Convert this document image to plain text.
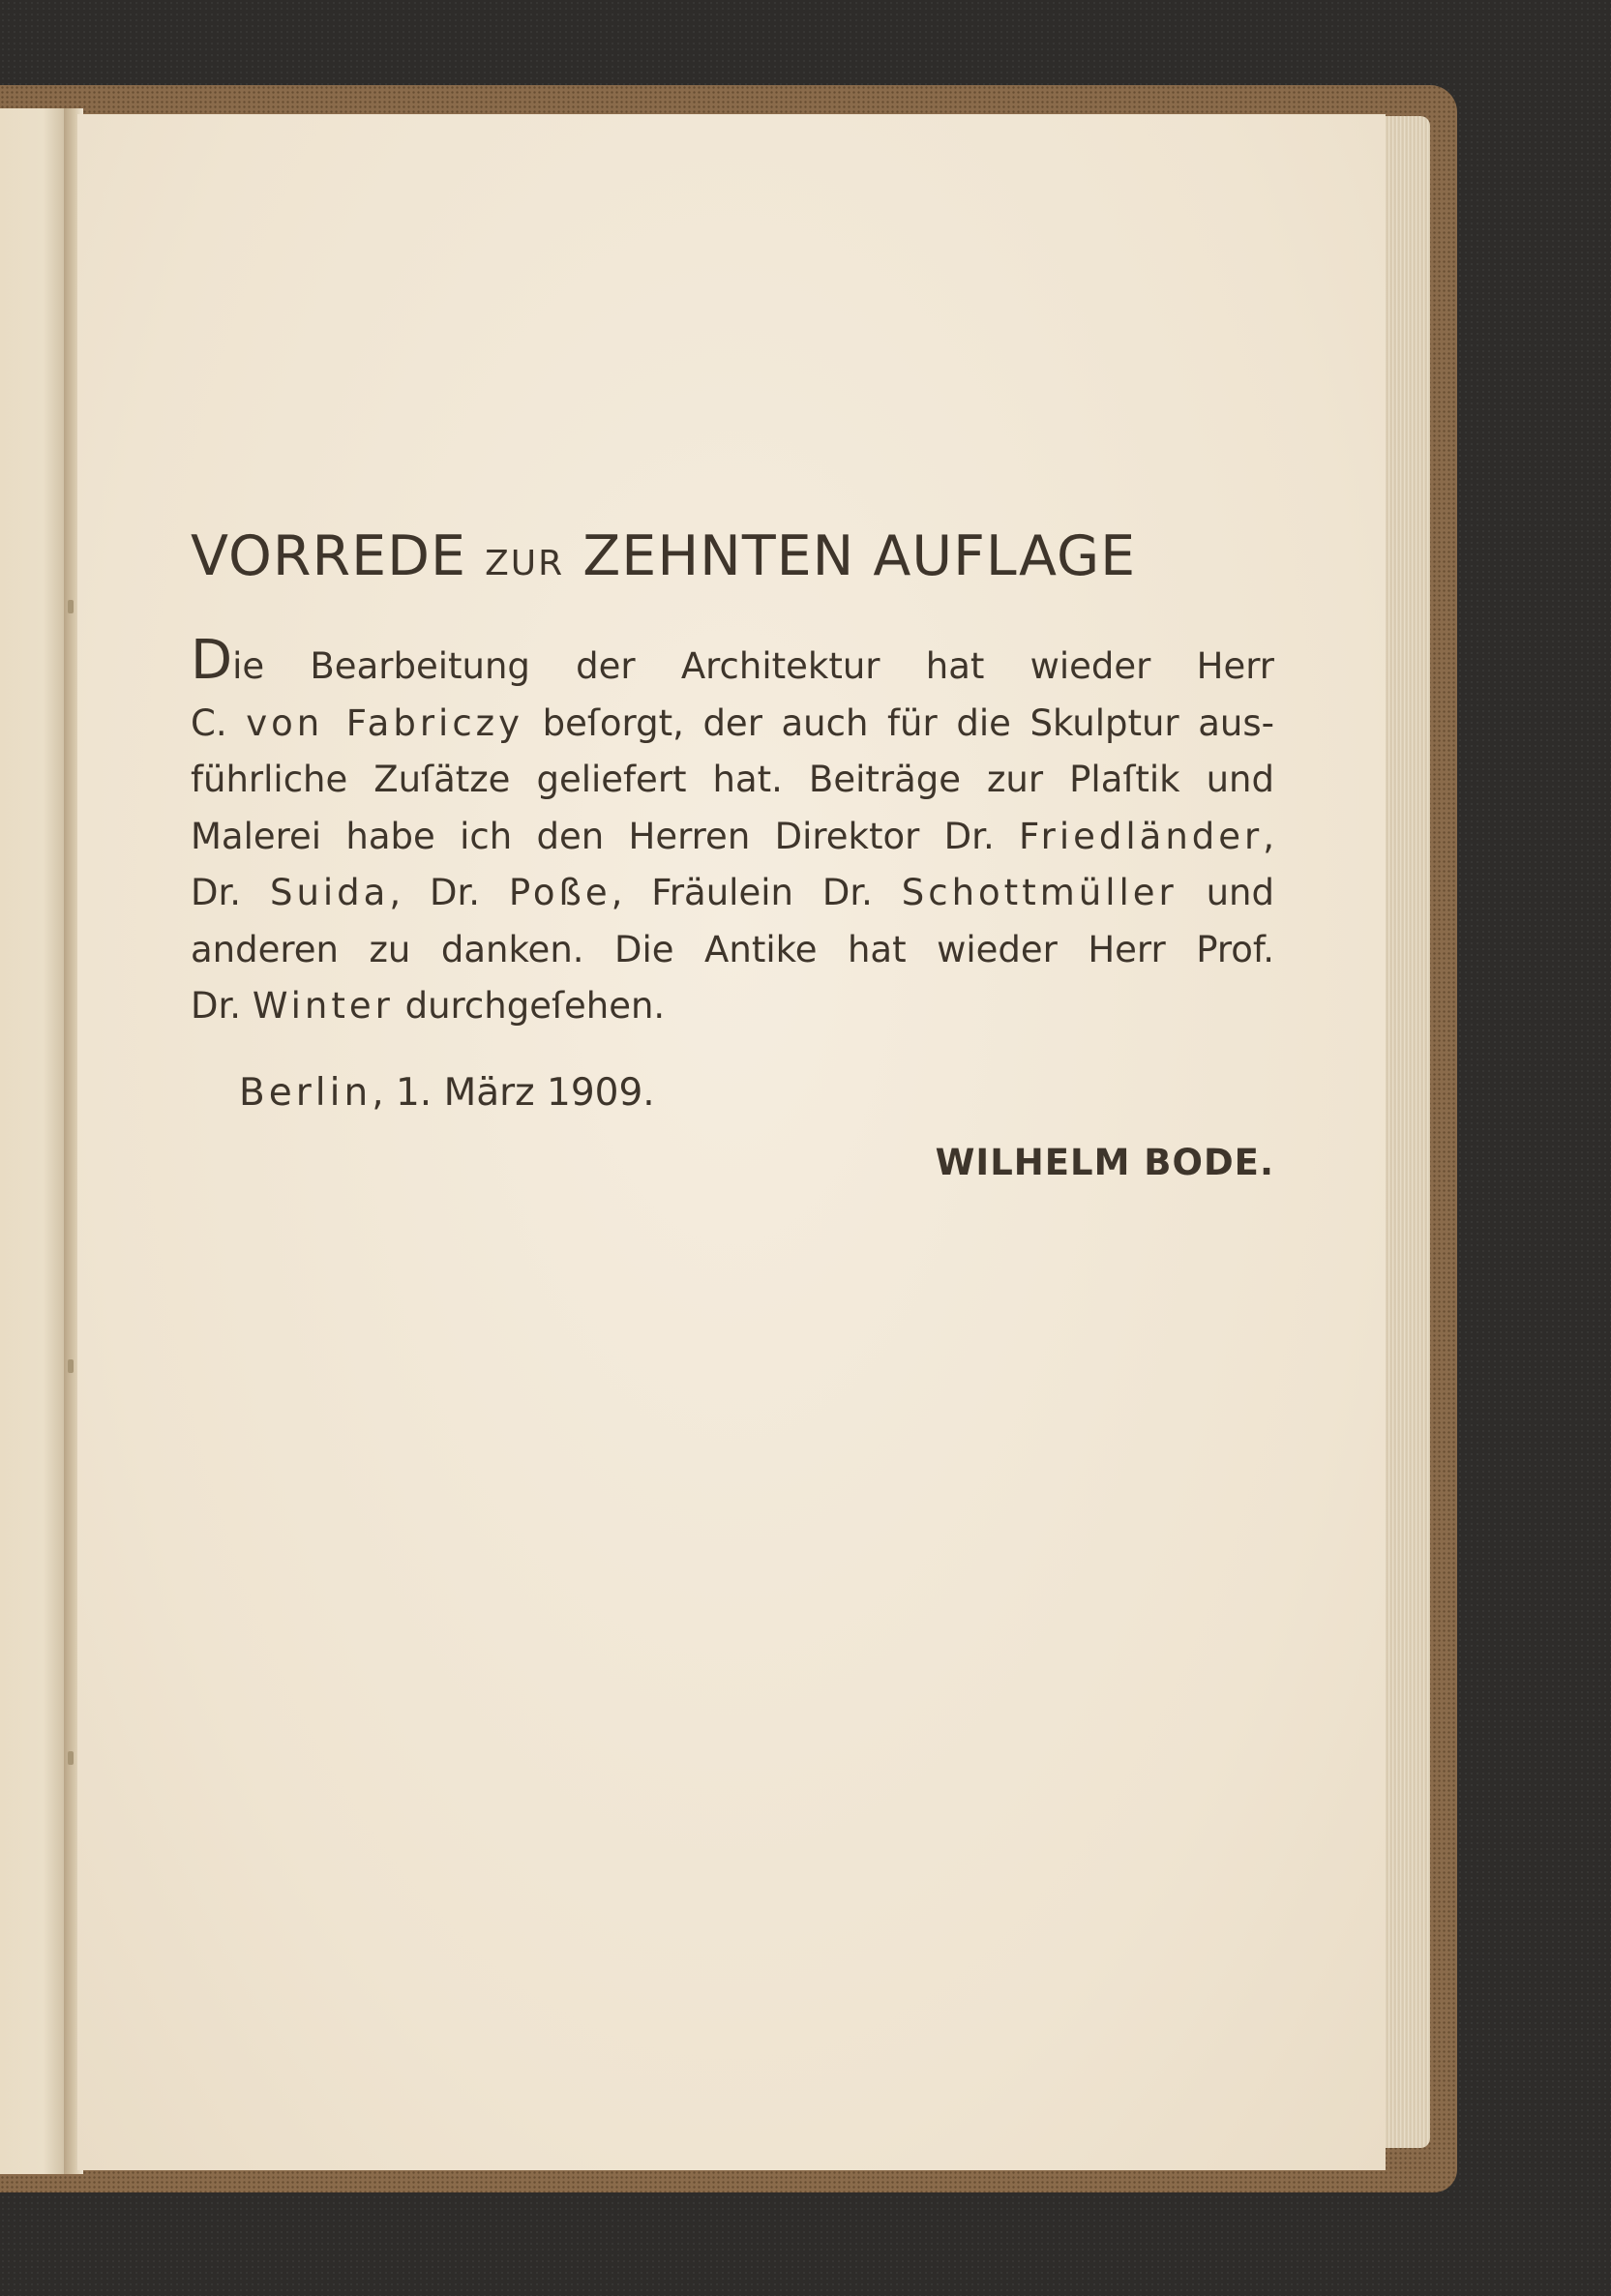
VORREDE ZUR ZEHNTEN AUFLAGE

Die Bearbeitung der Architektur hat wieder Herr
C. von Fabriczy beſorgt, der auch für die Skulptur aus-
führliche Zuſätze geliefert hat. Beiträge zur Plaſtik und
Malerei habe ich den Herren Direktor Dr. Friedländer,
Dr. Suida, Dr. Poße, Fräulein Dr. Schottmüller und
anderen zu danken. Die Antike hat wieder Herr Prof.
Dr. Winter durchgeſehen.

Berlin, 1. März 1909.
WILHELM BODE.
